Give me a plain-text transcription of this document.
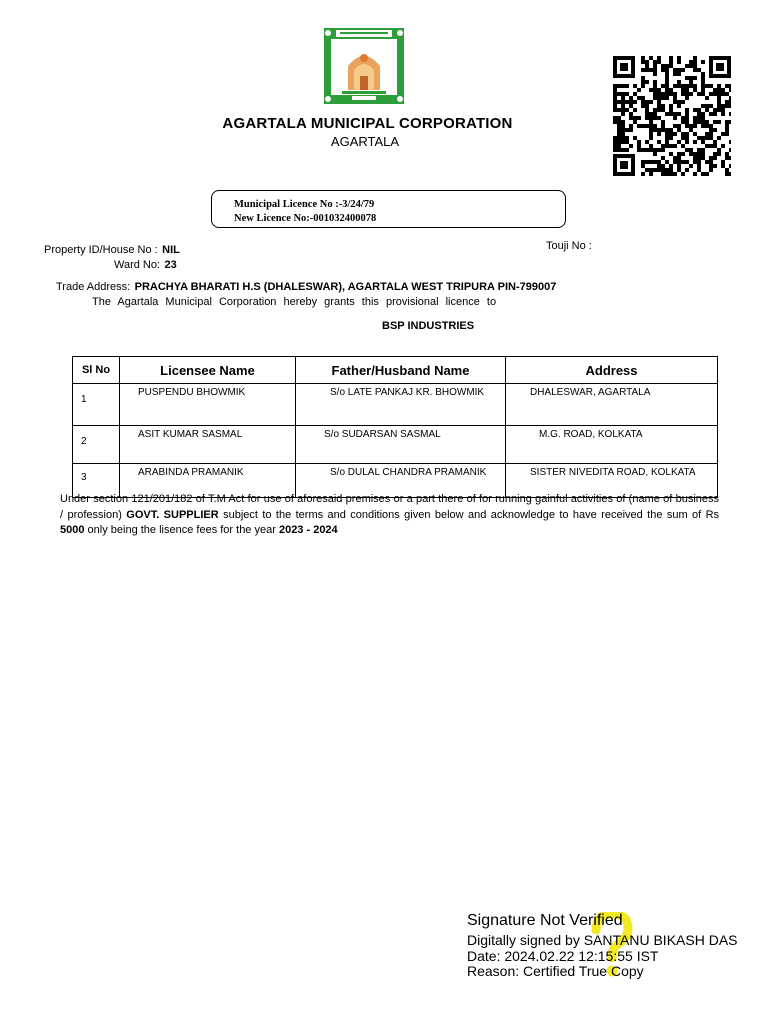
AGARTALA MUNICIPAL CORPORATION
AGARTALA
Municipal Licence No :-3/24/79
New Licence No:-001032400078
Property ID/House No : NIL
Ward No: 23
Touji No :
Trade Address: PRACHYA BHARATI H.S (DHALESWAR), AGARTALA WEST TRIPURA PIN-799007
The Agartala Municipal Corporation hereby grants this provisional licence to
BSP INDUSTRIES
Sl No	Licensee Name	Father/Husband Name	Address
1	PUSPENDU BHOWMIK	S/o LATE PANKAJ KR. BHOWMIK	DHALESWAR, AGARTALA
2	ASIT KUMAR SASMAL	S/o SUDARSAN SASMAL	M.G. ROAD, KOLKATA
3	ARABINDA PRAMANIK	S/o DULAL CHANDRA PRAMANIK	SISTER NIVEDITA ROAD, KOLKATA
Under section 121/201/182 of T.M Act for use of aforesaid premises or a part there of for running gainful activities of (name of business / profession) GOVT. SUPPLIER subject to the terms and conditions given below and acknowledge to have received the sum of Rs 5000 only being the lisence fees for the year 2023 - 2024
Signature Not Verified
Digitally signed by SANTANU BIKASH DAS
Date: 2024.02.22 12:15:55 IST
Reason: Certified True Copy
